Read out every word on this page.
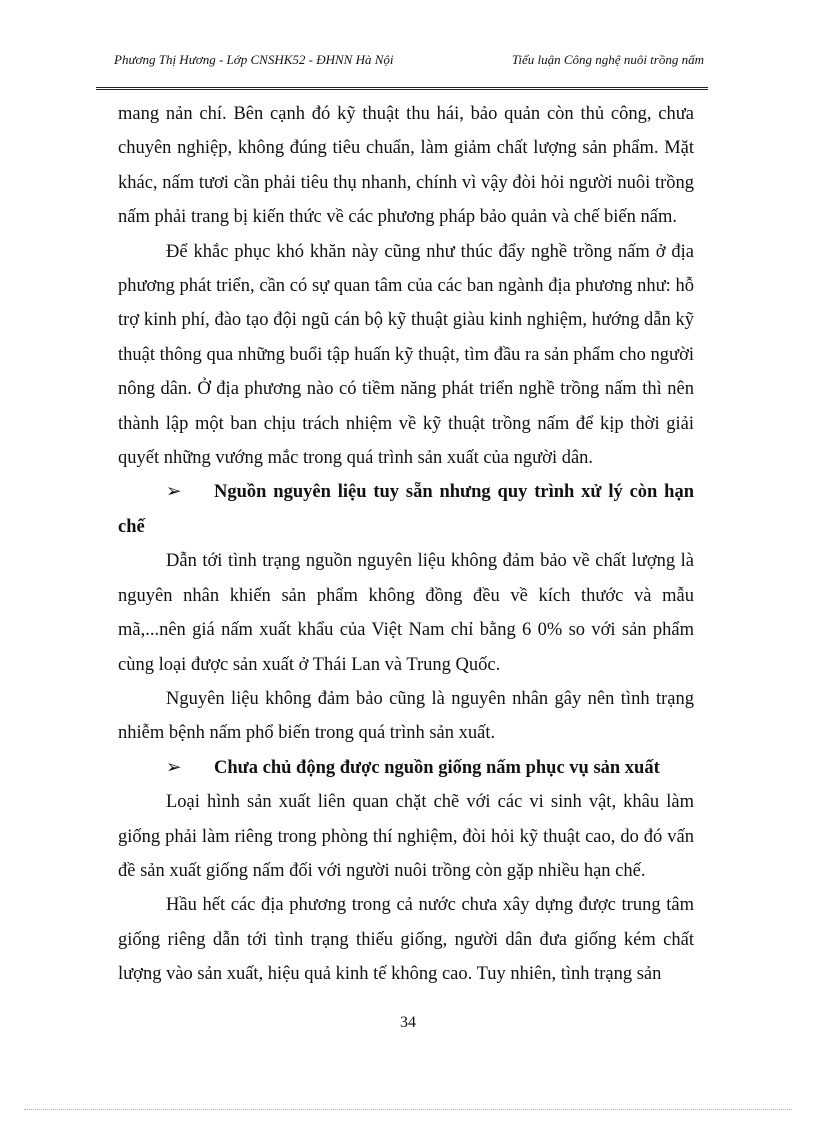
Phương Thị Hương - Lớp CNSHK52 - ĐHNN Hà Nội	Tiểu luận Công nghệ nuôi trồng nấm

mang nản chí. Bên cạnh đó kỹ thuật thu hái, bảo quản còn thủ công, chưa chuyên nghiệp, không đúng tiêu chuẩn, làm giảm chất lượng sản phẩm. Mặt khác, nấm tươi cần phải tiêu thụ nhanh, chính vì vậy đòi hỏi người nuôi trồng nấm phải trang bị kiến thức về các phương pháp bảo quản và chế biến nấm.

Để khắc phục khó khăn này cũng như thúc đẩy nghề trồng nấm ở địa phương phát triển, cần có sự quan tâm của các ban ngành địa phương như: hỗ trợ kinh phí, đào tạo đội ngũ cán bộ kỹ thuật giàu kinh nghiệm, hướng dẫn kỹ thuật thông qua những buổi tập huấn kỹ thuật, tìm đầu ra sản phẩm cho người nông dân. Ở địa phương nào có tiềm năng phát triển nghề trồng nấm thì nên thành lập một ban chịu trách nhiệm về kỹ thuật trồng nấm để kịp thời giải quyết những vướng mắc trong quá trình sản xuất của người dân.

➢ Nguồn nguyên liệu tuy sẵn nhưng quy trình xử lý còn hạn chế

Dẫn tới tình trạng nguồn nguyên liệu không đảm bảo về chất lượng là nguyên nhân khiến sản phẩm không đồng đều về kích thước và mẫu mã,...nên giá nấm xuất khẩu của Việt Nam chỉ bằng 6 0% so với sản phẩm cùng loại được sản xuất ở Thái Lan và Trung Quốc.

Nguyên liệu không đảm bảo cũng là nguyên nhân gây nên tình trạng nhiễm bệnh nấm phổ biến trong quá trình sản xuất.

➢ Chưa chủ động được nguồn giống nấm phục vụ sản xuất

Loại hình sản xuất liên quan chặt chẽ với các vi sinh vật, khâu làm giống phải làm riêng trong phòng thí nghiệm, đòi hỏi kỹ thuật cao, do đó vấn đề sản xuất giống nấm đối với người nuôi trồng còn gặp nhiều hạn chế.

Hầu hết các địa phương trong cả nước chưa xây dựng được trung tâm giống riêng dẫn tới tình trạng thiếu giống, người dân đưa giống kém chất lượng vào sản xuất, hiệu quả kinh tế không cao. Tuy nhiên, tình trạng sản

34
